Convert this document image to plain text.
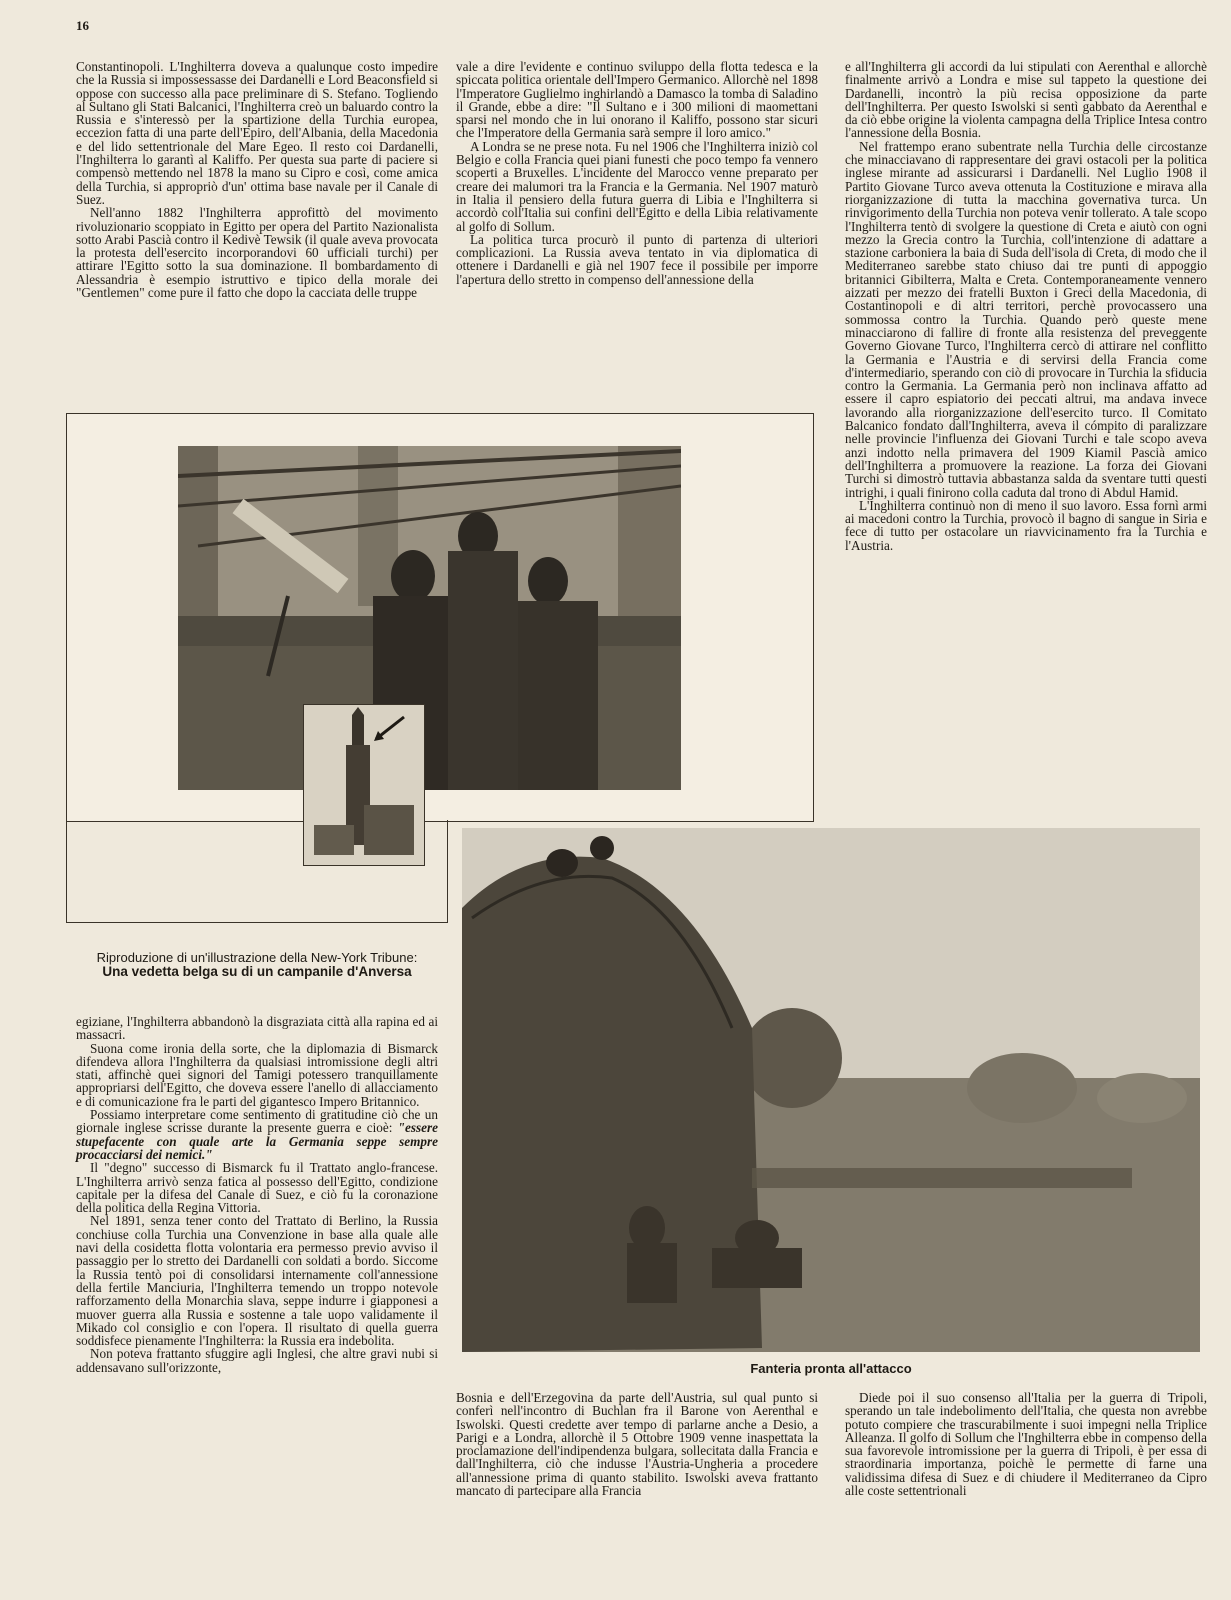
16

Constantinopoli. L'Inghilterra doveva a qualunque costo impedire che la Russia si impossessasse dei Dardanelli e Lord Beaconsfield si oppose con successo alla pace preliminare di S. Stefano. Togliendo al Sultano gli Stati Balcanici, l'Inghilterra creò un baluardo contro la Russia e s'interessò per la spartizione della Turchia europea, eccezion fatta di una parte dell'Epiro, dell'Albania, della Macedonia e del lido settentrionale del Mare Egeo. Il resto coi Dardanelli, l'Inghilterra lo garantì al Kaliffo. Per questa sua parte di paciere si compensò mettendo nel 1878 la mano su Cipro e così, come amica della Turchia, si appropriò d'un' ottima base navale per il Canale di Suez.

Nell'anno 1882 l'Inghilterra approfittò del movimento rivoluzionario scoppiato in Egitto per opera del Partito Nazionalista sotto Arabi Pascià contro il Kedivè Tewsik (il quale aveva provocata la protesta dell'esercito incorporandovi 60 ufficiali turchi) per attirare l'Egitto sotto la sua dominazione. Il bombardamento di Alessandria è esempio istruttivo e tipico della morale dei "Gentlemen" come pure il fatto che dopo la cacciata delle truppe

vale a dire l'evidente e continuo sviluppo della flotta tedesca e la spiccata politica orientale dell'Impero Germanico. Allorchè nel 1898 l'Imperatore Guglielmo inghirlandò a Damasco la tomba di Saladino il Grande, ebbe a dire: "Il Sultano e i 300 milioni di maomettani sparsi nel mondo che in lui onorano il Kaliffo, possono star sicuri che l'Imperatore della Germania sarà sempre il loro amico."

A Londra se ne prese nota. Fu nel 1906 che l'Inghilterra iniziò col Belgio e colla Francia quei piani funesti che poco tempo fa vennero scoperti a Bruxelles. L'incidente del Marocco venne preparato per creare dei malumori tra la Francia e la Germania. Nel 1907 maturò in Italia il pensiero della futura guerra di Libia e l'Inghilterra si accordò coll'Italia sui confini dell'Egitto e della Libia relativamente al golfo di Sollum.

La politica turca procurò il punto di partenza di ulteriori complicazioni. La Russia aveva tentato in via diplomatica di ottenere i Dardanelli e già nel 1907 fece il possibile per imporre l'apertura dello stretto in compenso dell'annessione della

e all'Inghilterra gli accordi da lui stipulati con Aerenthal e allorchè finalmente arrivò a Londra e mise sul tappeto la questione dei Dardanelli, incontrò la più recisa opposizione da parte dell'Inghilterra. Per questo Iswolski si sentì gabbato da Aerenthal e da ciò ebbe origine la violenta campagna della Triplice Intesa contro l'annessione della Bosnia.

Nel frattempo erano subentrate nella Turchia delle circostanze che minacciavano di rappresentare dei gravi ostacoli per la politica inglese mirante ad assicurarsi i Dardanelli. Nel Luglio 1908 il Partito Giovane Turco aveva ottenuta la Costituzione e mirava alla riorganizzazione di tutta la macchina governativa turca. Un rinvigorimento della Turchia non poteva venir tollerato. A tale scopo l'Inghilterra tentò di svolgere la questione di Creta e aiutò con ogni mezzo la Grecia contro la Turchia, coll'intenzione di adattare a stazione carboniera la baia di Suda dell'isola di Creta, di modo che il Mediterraneo sarebbe stato chiuso dai tre punti di appoggio britannici Gibilterra, Malta e Creta. Contemporaneamente vennero aizzati per mezzo dei fratelli Buxton i Greci della Macedonia, di Costantinopoli e di altri territori, perchè provocassero una sommossa contro la Turchia. Quando però queste mene minacciarono di fallire di fronte alla resistenza del preveggente Governo Giovane Turco, l'Inghilterra cercò di attirare nel conflitto la Germania e l'Austria e di servirsi della Francia come d'intermediario, sperando con ciò di provocare in Turchia la sfiducia contro la Germania. La Germania però non inclinava affatto ad essere il capro espiatorio dei peccati altrui, ma andava invece lavorando alla riorganizzazione dell'esercito turco. Il Comitato Balcanico fondato dall'Inghilterra, aveva il cómpito di paralizzare nelle provincie l'influenza dei Giovani Turchi e tale scopo aveva anzi indotto nella primavera del 1909 Kiamil Pascià amico dell'Inghilterra a promuovere la reazione. La forza dei Giovani Turchi si dimostrò tuttavia abbastanza salda da sventare tutti questi intrighi, i quali finirono colla caduta dal trono di Abdul Hamid.

L'Inghilterra continuò non di meno il suo lavoro. Essa fornì armi ai macedoni contro la Turchia, provocò il bagno di sangue in Siria e fece di tutto per ostacolare un riavvicinamento fra la Turchia e l'Austria.

Riproduzione di un'illustrazione della New-York Tribune:
Una vedetta belga su di un campanile d'Anversa
Fanteria pronta all'attacco

egiziane, l'Inghilterra abbandonò la disgraziata città alla rapina ed ai massacri.

Suona come ironia della sorte, che la diplomazia di Bismarck difendeva allora l'Inghilterra da qualsiasi intromissione degli altri stati, affinchè quei signori del Tamigi potessero tranquillamente appropriarsi dell'Egitto, che doveva essere l'anello di allacciamento e di comunicazione fra le parti del gigantesco Impero Britannico.

Possiamo interpretare come sentimento di gratitudine ciò che un giornale inglese scrisse durante la presente guerra e cioè: "essere stupefacente con quale arte la Germania seppe sempre procacciarsi dei nemici."

Il "degno" successo di Bismarck fu il Trattato anglo-francese. L'Inghilterra arrivò senza fatica al possesso dell'Egitto, condizione capitale per la difesa del Canale di Suez, e ciò fu la coronazione della politica della Regina Vittoria.

Nel 1891, senza tener conto del Trattato di Berlino, la Russia conchiuse colla Turchia una Convenzione in base alla quale alle navi della cosidetta flotta volontaria era permesso previo avviso il passaggio per lo stretto dei Dardanelli con soldati a bordo. Siccome la Russia tentò poi di consolidarsi internamente coll'annessione della fertile Manciuria, l'Inghilterra temendo un troppo notevole rafforzamento della Monarchia slava, seppe indurre i giapponesi a muover guerra alla Russia e sostenne a tale uopo validamente il Mikado col consiglio e con l'opera. Il risultato di quella guerra soddisfece pienamente l'Inghilterra: la Russia era indebolita.

Non poteva frattanto sfuggire agli Inglesi, che altre gravi nubi si addensavano sull'orizzonte,

Bosnia e dell'Erzegovina da parte dell'Austria, sul qual punto si conferì nell'incontro di Buchlan fra il Barone von Aerenthal e Iswolski. Questi credette aver tempo di parlarne anche a Desio, a Parigi e a Londra, allorchè il 5 Ottobre 1909 venne inaspettata la proclamazione dell'indipendenza bulgara, sollecitata dalla Francia e dall'Inghilterra, ciò che indusse l'Austria-Ungheria a procedere all'annessione prima di quanto stabilito. Iswolski aveva frattanto mancato di partecipare alla Francia

Diede poi il suo consenso all'Italia per la guerra di Tripoli, sperando un tale indebolimento dell'Italia, che questa non avrebbe potuto compiere che trascurabilmente i suoi impegni nella Triplice Alleanza. Il golfo di Sollum che l'Inghilterra ebbe in compenso della sua favorevole intromissione per la guerra di Tripoli, è per essa di straordinaria importanza, poichè le permette di farne una validissima difesa di Suez e di chiudere il Mediterraneo da Cipro alle coste settentrionali
